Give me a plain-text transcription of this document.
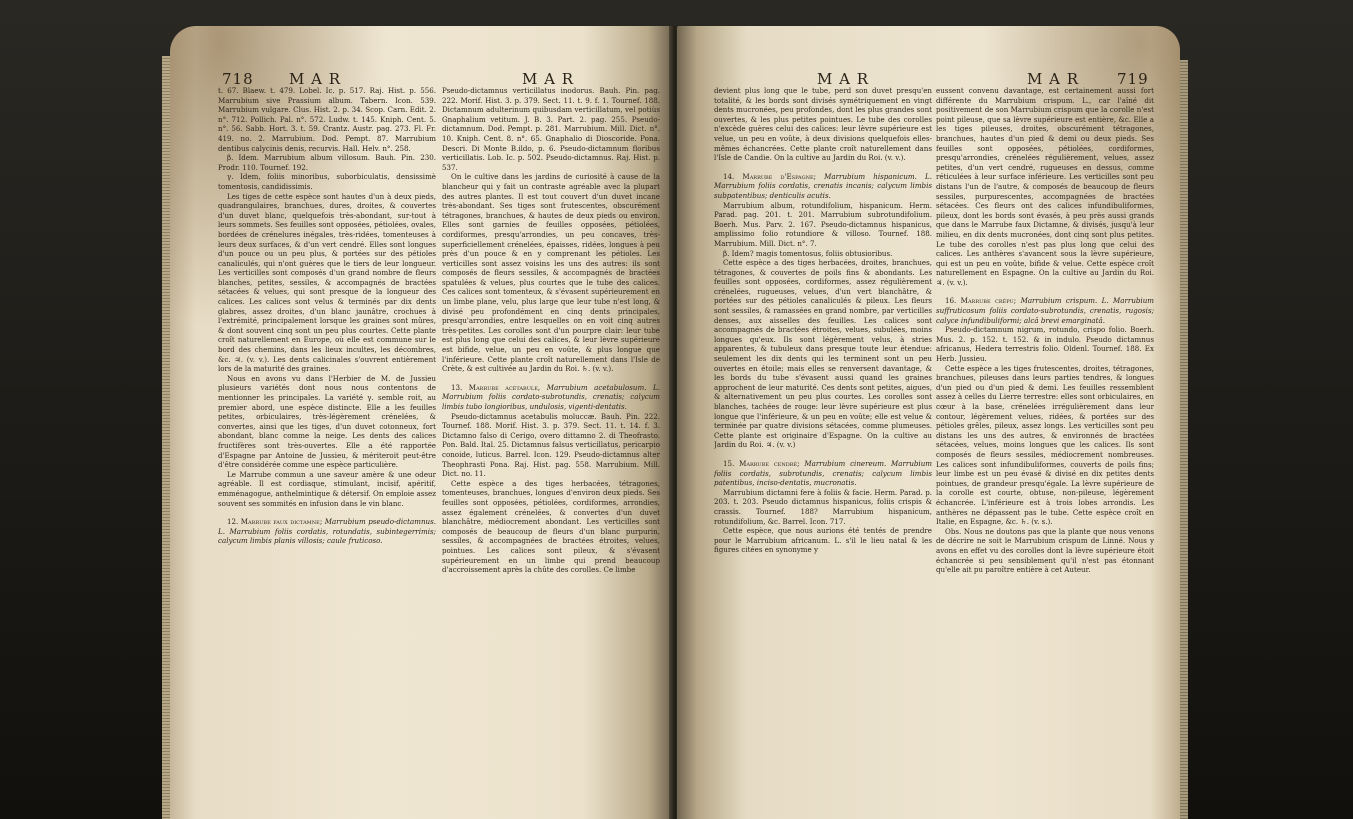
718 M A R	M A R

t. 67. Blaew. t. 479. Lobel. Ic. p. 517. Raj. Hist. p. 556. Marrubium sive Prassium album. Tabern. Icon. 539. Marrubium vulgare. Clus. Hist. 2. p. 34. Scop. Carn. Edit. 2. n°. 712. Pollich. Pal. n°. 572. Ludw. t. 145. Kniph. Cent. 5. n°. 56. Sabb. Hort. 3. t. 59. Crantz. Austr. pag. 273. Fl. Fr. 419. no. 2. Marrubium. Dod. Pempt. 87. Marrubium dentibus calycinis denis, recurvis. Hall. Helv. n°. 258.

β. Idem. Marrubium album villosum. Bauh. Pin. 230. Prodr. 110. Tournef. 192.

γ. Idem, foliis minoribus, suborbiculatis, densissimè tomentosis, candidissimis.

Les tiges de cette espèce sont hautes d'un à deux pieds, quadrangulaires, branchues, dures, droites, & couvertes d'un duvet blanc, quelquefois très-abondant, sur-tout à leurs sommets. Ses feuilles sont opposées, pétiolées, ovales, bordées de crénelures inégales, très-ridées, tomenteuses à leurs deux surfaces, & d'un vert cendré. Elles sont longues d'un pouce ou un peu plus, & portées sur des pétioles canaliculés, qui n'ont guères que le tiers de leur longueur. Les verticilles sont composés d'un grand nombre de fleurs blanches, petites, sessiles, & accompagnés de bractées sétacées & velues, qui sont presque de la longueur des calices. Les calices sont velus & terminés par dix dents glabres, assez droites, d'un blanc jaunâtre, crochues à l'extrémité, principalement lorsque les graines sont mûres, & dont souvent cinq sont un peu plus courtes. Cette plante croît naturellement en Europe, où elle est commune sur le bord des chemins, dans les lieux incultes, les décombres, &c. ♃. (v. v.). Les dents calicinales s'ouvrent entièrement lors de la maturité des graines.

Nous en avons vu dans l'Herbier de M. de Jussieu plusieurs variétés dont nous nous contentons de mentionner les principales. La variété γ. semble roit, au premier abord, une espèce distincte. Elle a les feuilles petites, orbiculaires, très-légèrement crénelées, & convertes, ainsi que les tiges, d'un duvet cotonneux, fort abondant, blanc comme la neige. Les dents des calices fructifères sont très-ouvertes. Elle a été rapportée d'Espagne par Antoine de Jussieu, & mériteroit peut-être d'être considérée comme une espèce particulière.

Le Marrube commun a une saveur amère & une odeur agréable. Il est cordiaque, stimulant, incisif, apéritif, emménagogue, anthelmintique & détersif. On emploie assez souvent ses sommités en infusion dans le vin blanc.

12. Marrube faux dictamne; Marrubium pseudo-dictamnus. L. Marrubium foliis cordatis, rotundatis, subintegerrimis; calycum limbis planis villosis; caule fruticoso.

Pseudo-dictamnus verticillatus inodorus. Bauh. Pin. pag. 222. Morif. Hist. 3. p. 379. Sect. 11. t. 9. f. 1. Tournef. 188. Dictamnum adulterinum quibusdam verticillatum, vel potiùs Gnaphalium vetitum. J. B. 3. Part. 2. pag. 255. Pseudo-dictamnum. Dod. Pempt. p. 281. Marrubium. Mill. Dict. n°. 10. Kniph. Cent. 8. n°. 65. Gnaphalio di Dioscoride. Pona. Descri. Di Monte B.ildo, p. 6. Pseudo-dictamnum floribus verticillatis. Lob. Ic. p. 502. Pseudo-dictamnus. Raj. Hist. p. 537.

On le cultive dans les jardins de curiosité à cause de la blancheur qui y fait un contraste agréable avec la plupart des autres plantes. Il est tout couvert d'un duvet incane très-abondant. Ses tiges sont frutescentes, obscurément tétragones, branchues, & hautes de deux pieds ou environ. Elles sont garnies de feuilles opposées, pétiolées, cordiformes, presqu'arrondies, un peu concaves, très-superficiellement crénelées, épaisses, ridées, longues à peu près d'un pouce & en y comprenant les pétioles. Les verticilles sont assez voisins les uns des autres: ils sont composés de fleurs sessiles, & accompagnés de bractées spatulées & velues, plus courtes que le tube des calices. Ces calices sont tomenteux, & s'évasent supérieurement en un limbe plane, velu, plus large que leur tube n'est long, & divisé peu profondément en cinq dents principales, presqu'arrondies, entre lesquelles on en voit cinq autres très-petites. Les corolles sont d'un pourpre clair: leur tube est plus long que celui des calices, & leur lèvre supérieure est bifide, velue, un peu en voûte, & plus longue que l'inférieure. Cette plante croît naturellement dans l'Isle de Crète, & est cultivée au Jardin du Roi. ♄. (v. v.).

13. Marrube acétabule, Marrubium acetabulosum. L. Marrubium foliis cordato-subrotundis, crenatis; calycum limbis tubo longioribus, undulosis, vigenti-dentatis.

Pseudo-dictamnus acetabulis moluccæ. Bauh. Pin. 222. Tournef. 188. Morif. Hist. 3. p. 379. Sect. 11. t. 14. f. 3. Dictamno falso di Cerigo, overo dittamno 2. di Theofrasto. Pon. Bald. Ital. 25. Dictamnus falsus verticillatus, pericarpio conoide, luticus. Barrel. Icon. 129. Pseudo-dictamnus alter Theophrasti Pona. Raj. Hist. pag. 558. Marrubium. Mill. Dict. no. 11.

Cette espèce a des tiges herbacées, tétragones, tomenteuses, branchues, longues d'environ deux pieds. Ses feuilles sont opposées, pétiolées, cordiformes, arrondies, assez également crénelées, & convertes d'un duvet blanchâtre, médiocrement abondant. Les verticilles sont composés de beaucoup de fleurs d'un blanc purpurin, sessiles, & accompagnées de bractées étroites, velues, pointues. Les calices sont pileux, & s'évasent supérieurement en un limbe qui prend beaucoup d'accroissement après la chûte des corolles. Ce limbe

M A R	M A R	719

devient plus long que le tube, perd son duvet presqu'en totalité, & les bords sont divisés symétriquement en vingt dents mucronées, peu profondes, dont les plus grandes sont ouvertes, & les plus petites pointues. Le tube des corolles n'excède guères celui des calices: leur lèvre supérieure est velue, un peu en voûte, à deux divisions quelquefois elles-mêmes échancrées. Cette plante croît naturellement dans l'Isle de Candie. On la cultive au Jardin du Roi. (v. v.).

14. Marrube d'Espagne; Marrubium hispanicum. L. Marrubium foliis cordatis, crenatis incanis; calycum limbis subpatentibus; denticulis acutis.

Marrubium album, rotundifolium, hispanicum. Herm. Parad. pag. 201. t. 201. Marrubium subrotundifolium. Boerh. Mus. Parv. 2. 167. Pseudo-dictamnus hispanicus, amplissimo folio rotundiore & villoso. Tournef. 188. Marrubium. Mill. Dict. n°. 7.

β. Idem? magis tomentosus, foliis obtusioribus.

Cette espèce a des tiges herbacées, droites, branchues, tétragones, & couvertes de poils fins & abondants. Les feuilles sont opposées, cordiformes, assez régulièrement crénelées, rugueuses, velues, d'un vert blanchâtre, & portées sur des pétioles canaliculés & pileux. Les fleurs sont sessiles, & ramassées en grand nombre, par verticilles denses, aux aisselles des feuilles. Les calices sont accompagnés de bractées étroites, velues, subulées, moins longues qu'eux. Ils sont légèrement velus, à stries apparentes, & tubuleux dans presque toute leur étendue: seulement les dix dents qui les terminent sont un peu ouvertes en étoile; mais elles se renversent davantage, & les bords du tube s'évasent aussi quand les graines approchent de leur maturité. Ces dents sont petites, aigues, & alternativement un peu plus courtes. Les corolles sont blanches, tachées de rouge: leur lèvre supérieure est plus longue que l'inférieure, & un peu en voûte; elle est velue & terminée par quatre divisions sétacées, comme plumeuses. Cette plante est originaire d'Espagne. On la cultive au Jardin du Roi. ♃. (v. v.)

15. Marrube cendré; Marrubium cinereum. Marrubium foliis cordatis, subrotundis, crenatis; calycum limbis patentibus, inciso-dentatis, mucronatis.

Marrubium dictamni fere à foliis & facie. Herm. Parad. p. 203. t. 203. Pseudo dictamnus hispanicus, foliis crispis & crassis. Tournef. 188? Marrubium hispanicum, rotundifolium, &c. Barrel. Icon. 717.

Cette espèce, que nous aurions été tentés de prendre pour le Marrubium africanum. L. s'il le lieu natal & les figures citées en synonyme y

eussent convenu davantage, est certainement aussi fort différente du Marrubium crispum. L., car l'aîné dit positivement de son Marrubium crispum que la corolle n'est point pileuse, que sa lèvre supérieure est entière, &c. Elle a les tiges pileuses, droites, obscurément tétragones, branchues, hautes d'un pied & demi ou deux pieds. Ses feuilles sont opposées, pétiolées, cordiformes, presqu'arrondies, crénelées régulièrement, velues, assez petites, d'un vert cendré, rugueuses en dessus, comme réticulées à leur surface inférieure. Les verticilles sont peu distans l'un de l'autre, & composés de beaucoup de fleurs sessiles, purpurescentes, accompagnées de bractées sétacées. Ces fleurs ont des calices infundibuliformes, pileux, dont les bords sont évasés, à peu près aussi grands que dans le Marrube faux Dictamne, & divisés, jusqu'à leur milieu, en dix dents mucronées, dont cinq sont plus petites. Le tube des corolles n'est pas plus long que celui des calices. Les anthères s'avancent sous la lèvre supérieure, qui est un peu en voûte, bifide & velue. Cette espèce croît naturellement en Espagne. On la cultive au Jardin du Roi. ♃. (v. v.).

16. Marrube crêpu; Marrubium crispum. L. Marrubium suffruticosum foliis cordato-subrotundis, crenatis, rugosis; calyce infundibuliformi; alcâ brevi emarginatâ.

Pseudo-dictamnum nigrum, rotundo, crispo folio. Boerh. Mus. 2. p. 152. t. 152. & in indulo. Pseudo dictamnus africanus, Hedera terrestris folio. Oldenl. Tournef. 188. Ex Herb. Jussieu.

Cette espèce a les tiges frutescentes, droites, tétragones, branchues, pileuses dans leurs parties tendres, & longues d'un pied ou d'un pied & demi. Les feuilles ressemblent assez à celles du Lierre terrestre: elles sont orbiculaires, en cœur à la base, crénelées irrégulièrement dans leur contour, légèrement velues, ridées, & portées sur des pétioles grêles, pileux, assez longs. Les verticilles sont peu distans les uns des autres, & environnés de bractées sétacées, velues, moins longues que les calices. Ils sont composés de fleurs sessiles, médiocrement nombreuses. Les calices sont infundibuliformes, couverts de poils fins; leur limbe est un peu évasé & divisé en dix petites dents pointues, de grandeur presqu'égale. La lèvre supérieure de la corolle est courte, obtuse, non-pileuse, légèrement échancrée. L'inférieure est à trois lobes arrondis. Les anthères ne dépassent pas le tube. Cette espèce croît en Italie, en Espagne, &c. ♄. (v. s.).

Obs. Nous ne doutons pas que la plante que nous venons de décrire ne soit le Marrubium crispum de Linné. Nous y avons en effet vu des corolles dont la lèvre supérieure étoit échancrée si peu sensiblement qu'il n'est pas étonnant qu'elle ait pu paroître entière à cet Auteur.
